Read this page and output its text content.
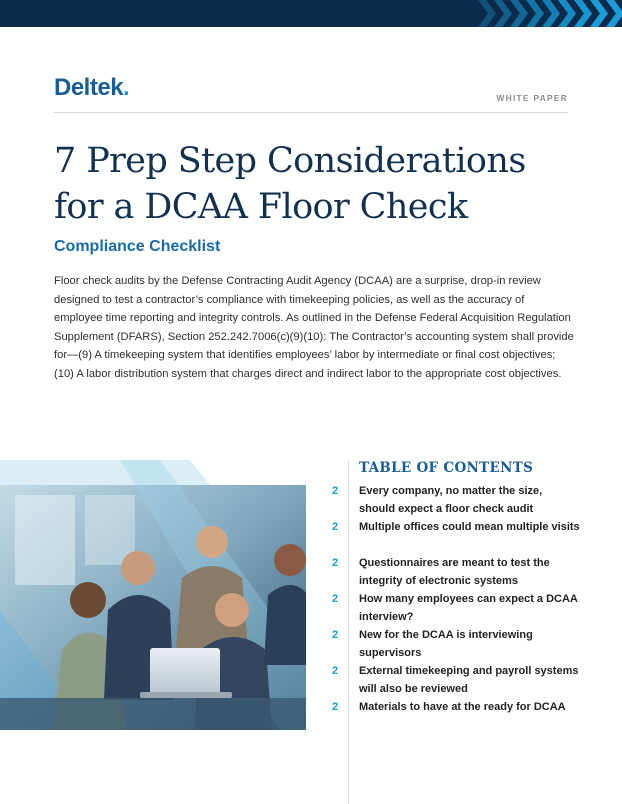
Deltek.	WHITE PAPER
7 Prep Step Considerations
for a DCAA Floor Check
Compliance Checklist

Floor check audits by the Defense Contracting Audit Agency (DCAA) are a surprise, drop-in review designed to test a contractor’s compliance with timekeeping policies, as well as the accuracy of employee time reporting and integrity controls. As outlined in the Defense Federal Acquisition Regulation Supplement (DFARS), Section 252.242.7006(c)(9)(10): The Contractor’s accounting system shall provide for—(9) A timekeeping system that identifies employees’ labor by intermediate or final cost objectives; (10) A labor distribution system that charges direct and indirect labor to the appropriate cost objectives.

TABLE OF CONTENTS
2 Every company, no matter the size, should expect a floor check audit
2 Multiple offices could mean multiple visits
2 Questionnaires are meant to test the integrity of electronic systems
2 How many employees can expect a DCAA interview?
2 New for the DCAA is interviewing supervisors
2 External timekeeping and payroll systems will also be reviewed
2 Materials to have at the ready for DCAA
